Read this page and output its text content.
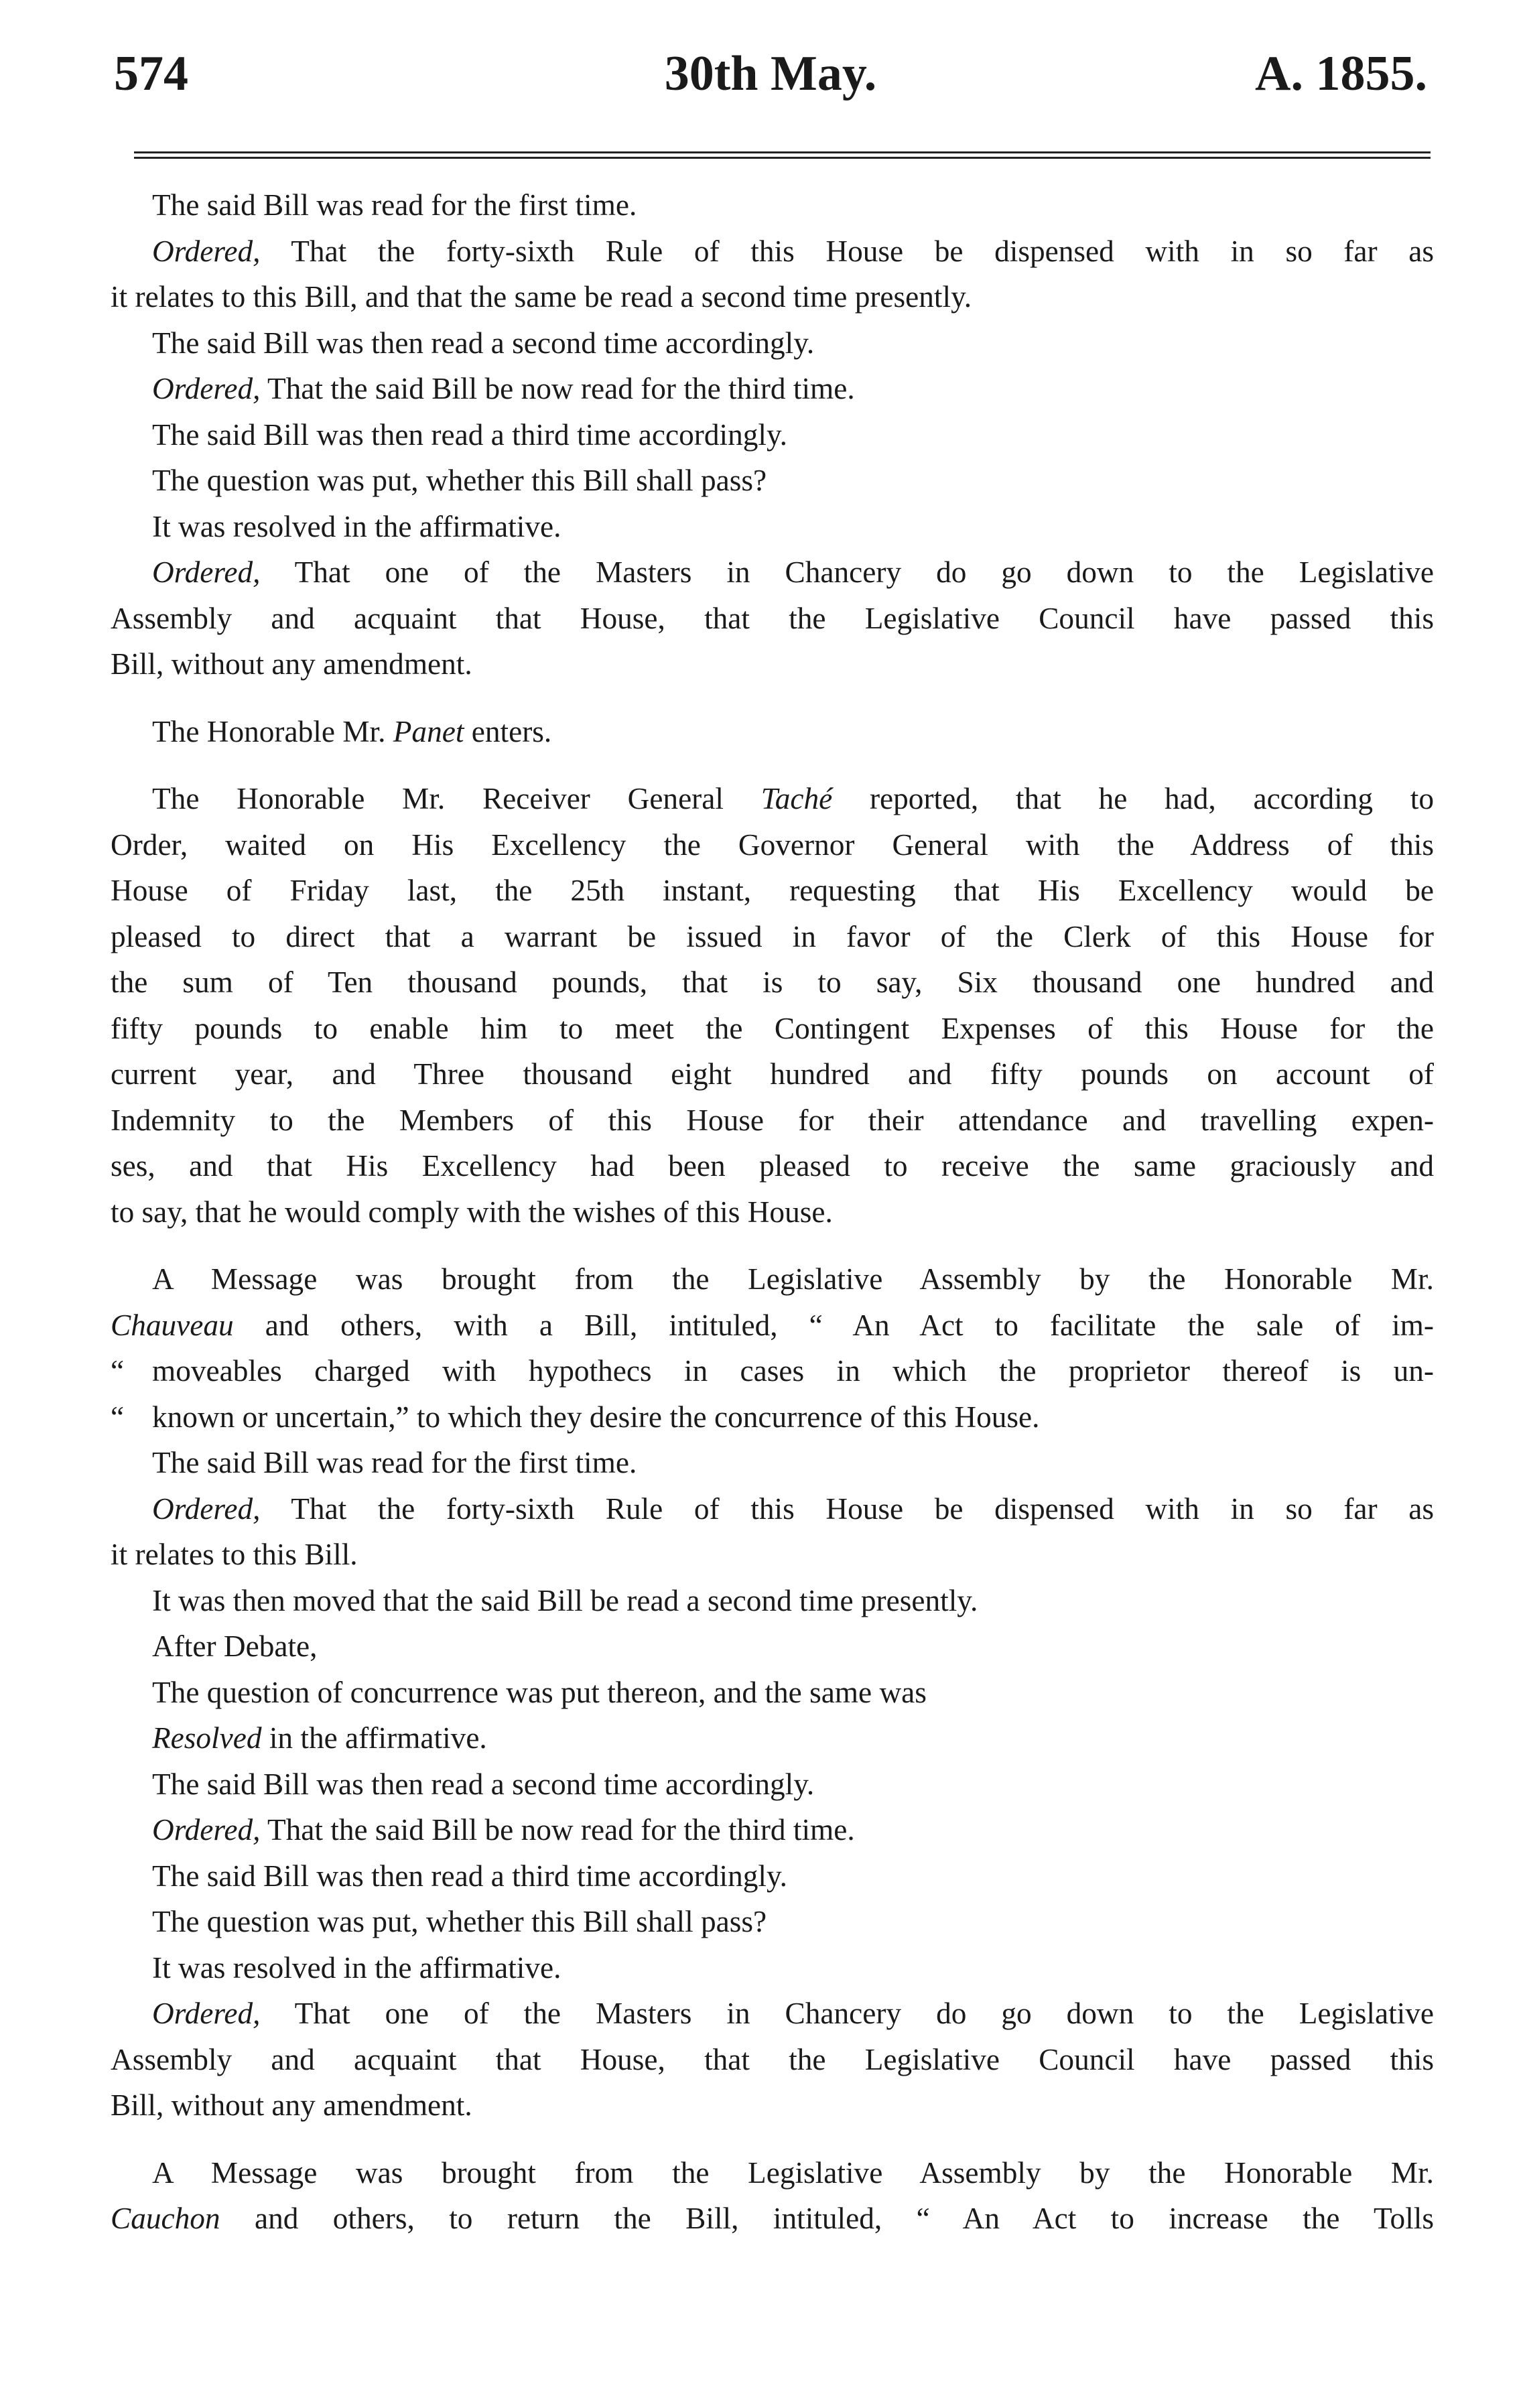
574	30th May.	A. 1855.
The said Bill was read for the first time.
Ordered, That the forty-sixth Rule of this House be dispensed with in so far as
it relates to this Bill, and that the same be read a second time presently.
The said Bill was then read a second time accordingly.
Ordered, That the said Bill be now read for the third time.
The said Bill was then read a third time accordingly.
The question was put, whether this Bill shall pass?
It was resolved in the affirmative.
Ordered, That one of the Masters in Chancery do go down to the Legislative
Assembly and acquaint that House, that the Legislative Council have passed this
Bill, without any amendment.
The Honorable Mr. Panet enters.
The Honorable Mr. Receiver General Taché reported, that he had, according to
Order, waited on His Excellency the Governor General with the Address of this
House of Friday last, the 25th instant, requesting that His Excellency would be
pleased to direct that a warrant be issued in favor of the Clerk of this House for
the sum of Ten thousand pounds, that is to say, Six thousand one hundred and
fifty pounds to enable him to meet the Contingent Expenses of this House for the
current year, and Three thousand eight hundred and fifty pounds on account of
Indemnity to the Members of this House for their attendance and travelling expen-
ses, and that His Excellency had been pleased to receive the same graciously and
to say, that he would comply with the wishes of this House.
A Message was brought from the Legislative Assembly by the Honorable Mr.
Chauveau and others, with a Bill, intituled, “ An Act to facilitate the sale of im-
“ moveables charged with hypothecs in cases in which the proprietor thereof is un-
“ known or uncertain,” to which they desire the concurrence of this House.
The said Bill was read for the first time.
Ordered, That the forty-sixth Rule of this House be dispensed with in so far as
it relates to this Bill.
It was then moved that the said Bill be read a second time presently.
After Debate,
The question of concurrence was put thereon, and the same was
Resolved in the affirmative.
The said Bill was then read a second time accordingly.
Ordered, That the said Bill be now read for the third time.
The said Bill was then read a third time accordingly.
The question was put, whether this Bill shall pass?
It was resolved in the affirmative.
Ordered, That one of the Masters in Chancery do go down to the Legislative
Assembly and acquaint that House, that the Legislative Council have passed this
Bill, without any amendment.
A Message was brought from the Legislative Assembly by the Honorable Mr.
Cauchon and others, to return the Bill, intituled, “ An Act to increase the Tolls
